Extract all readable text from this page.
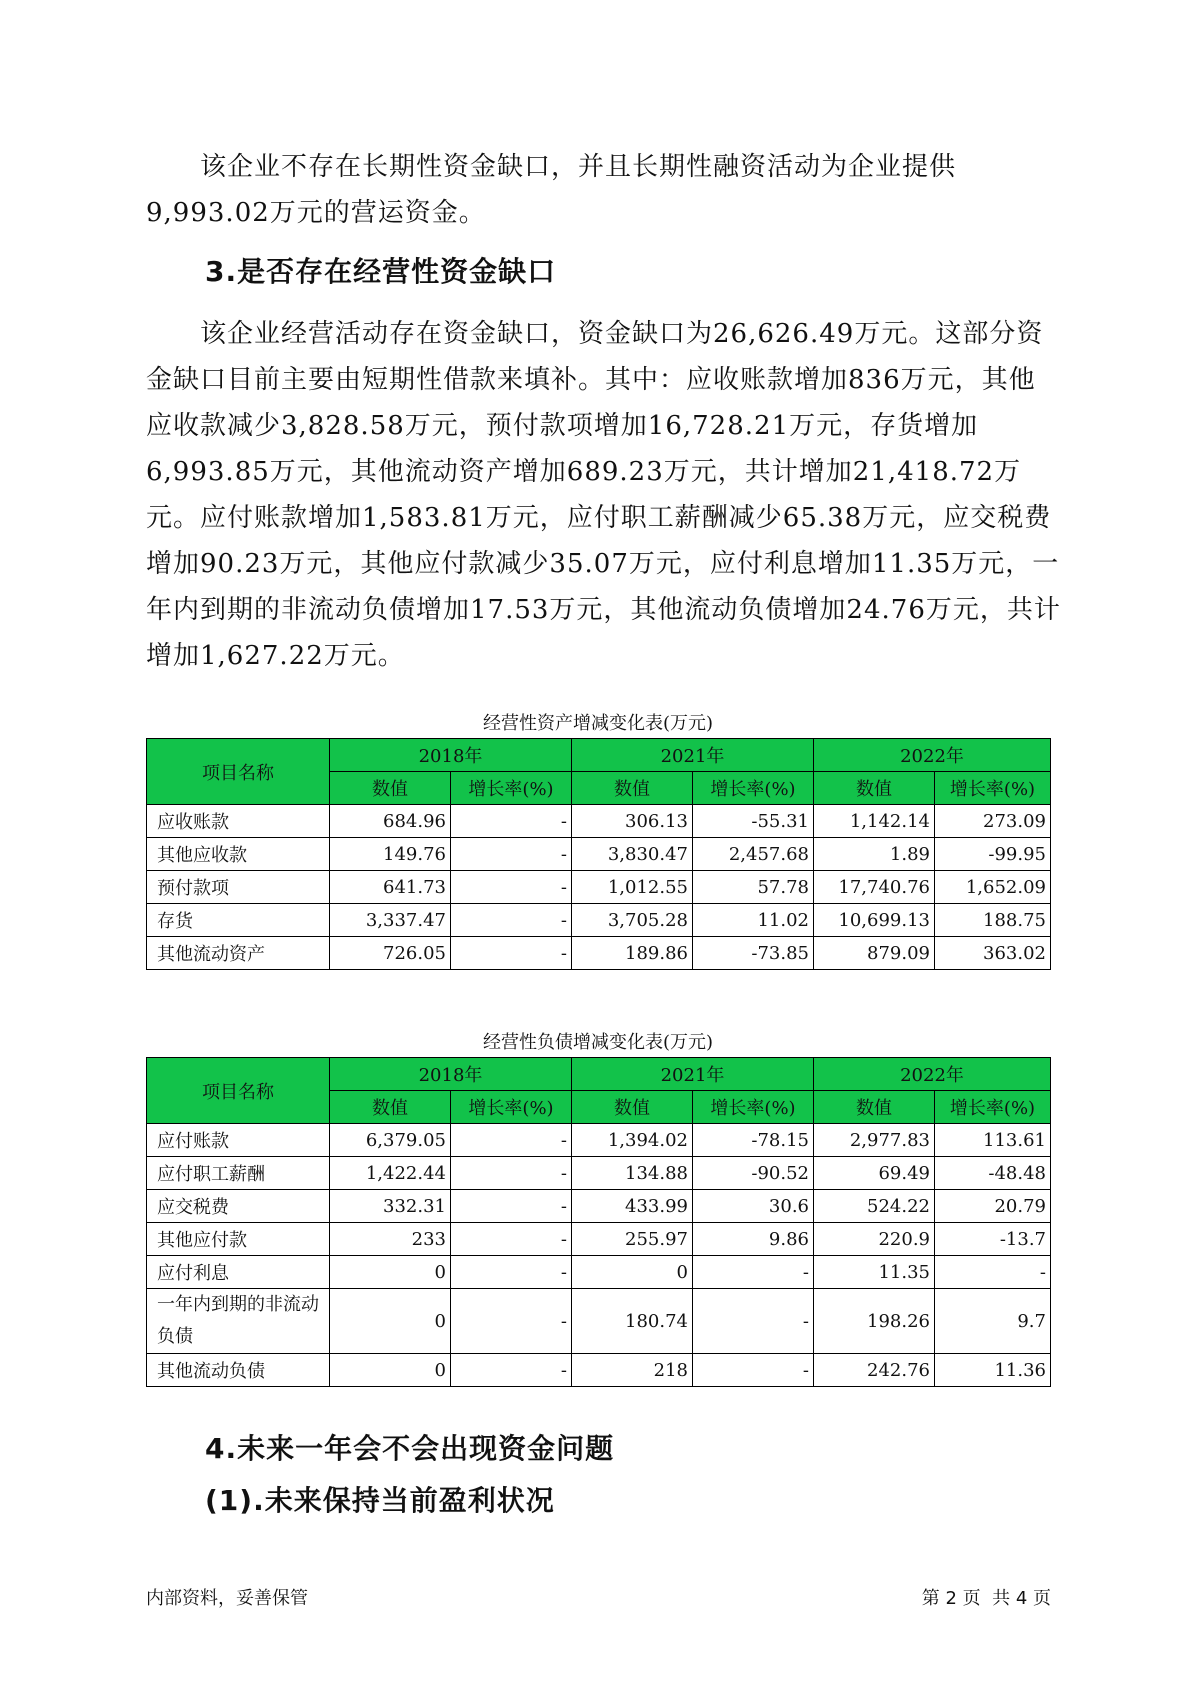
该企业不存在长期性资金缺口，并且长期性融资活动为企业提供9,993.02万元的营运资金。

3.是否存在经营性资金缺口

该企业经营活动存在资金缺口，资金缺口为26,626.49万元。这部分资金缺口目前主要由短期性借款来填补。其中：应收账款增加836万元，其他应收款减少3,828.58万元，预付款项增加16,728.21万元，存货增加6,993.85万元，其他流动资产增加689.23万元，共计增加21,418.72万元。应付账款增加1,583.81万元，应付职工薪酬减少65.38万元，应交税费增加90.23万元，其他应付款减少35.07万元，应付利息增加11.35万元，一年内到期的非流动负债增加17.53万元，其他流动负债增加24.76万元，共计增加1,627.22万元。

经营性资产增减变化表(万元)

项目名称	2018年		2021年		2022年	
	数值	增长率(%)	数值	增长率(%)	数值	增长率(%)
应收账款	684.96	-	306.13	-55.31	1,142.14	273.09
其他应收款	149.76	-	3,830.47	2,457.68	1.89	-99.95
预付款项	641.73	-	1,012.55	57.78	17,740.76	1,652.09
存货	3,337.47	-	3,705.28	11.02	10,699.13	188.75
其他流动资产	726.05	-	189.86	-73.85	879.09	363.02

经营性负债增减变化表(万元)

项目名称	2018年		2021年		2022年	
	数值	增长率(%)	数值	增长率(%)	数值	增长率(%)
应付账款	6,379.05	-	1,394.02	-78.15	2,977.83	113.61
应付职工薪酬	1,422.44	-	134.88	-90.52	69.49	-48.48
应交税费	332.31	-	433.99	30.6	524.22	20.79
其他应付款	233	-	255.97	9.86	220.9	-13.7
应付利息	0	-	0	-	11.35	-
一年内到期的非流动负债	0	-	180.74	-	198.26	9.7
其他流动负债	0	-	218	-	242.76	11.36

4.未来一年会不会出现资金问题

(1).未来保持当前盈利状况

内部资料，妥善保管	第 2 页  共 4 页
